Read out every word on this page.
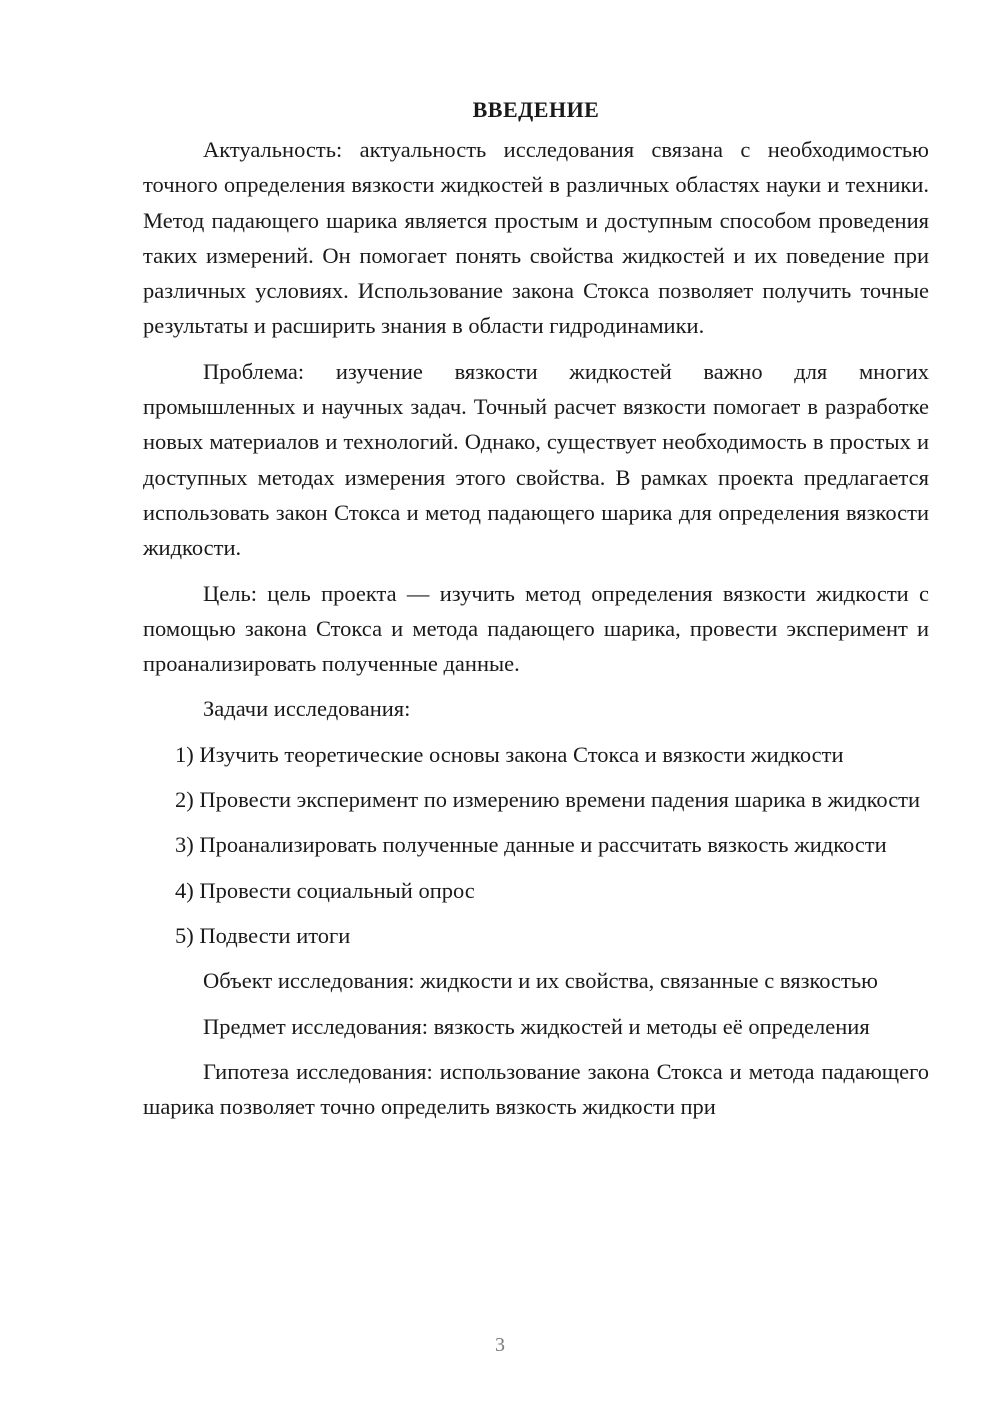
ВВЕДЕНИЕ

Актуальность: актуальность исследования связана с необходимостью точного определения вязкости жидкостей в различных областях науки и техники. Метод падающего шарика является простым и доступным способом проведения таких измерений. Он помогает понять свойства жидкостей и их поведение при различных условиях. Использование закона Стокса позволяет получить точные результаты и расширить знания в области гидродинамики.

Проблема: изучение вязкости жидкостей важно для многих промышленных и научных задач. Точный расчет вязкости помогает в разработке новых материалов и технологий. Однако, существует необходимость в простых и доступных методах измерения этого свойства. В рамках проекта предлагается использовать закон Стокса и метод падающего шарика для определения вязкости жидкости.

Цель: цель проекта — изучить метод определения вязкости жидкости с помощью закона Стокса и метода падающего шарика, провести эксперимент и проанализировать полученные данные.

Задачи исследования:

1) Изучить теоретические основы закона Стокса и вязкости жидкости

2) Провести эксперимент по измерению времени падения шарика в жидкости

3) Проанализировать полученные данные и рассчитать вязкость жидкости

4) Провести социальный опрос

5) Подвести итоги

Объект исследования: жидкости и их свойства, связанные с вязкостью

Предмет исследования: вязкость жидкостей и методы её определения

Гипотеза исследования: использование закона Стокса и метода падающего шарика позволяет точно определить вязкость жидкости при

3
